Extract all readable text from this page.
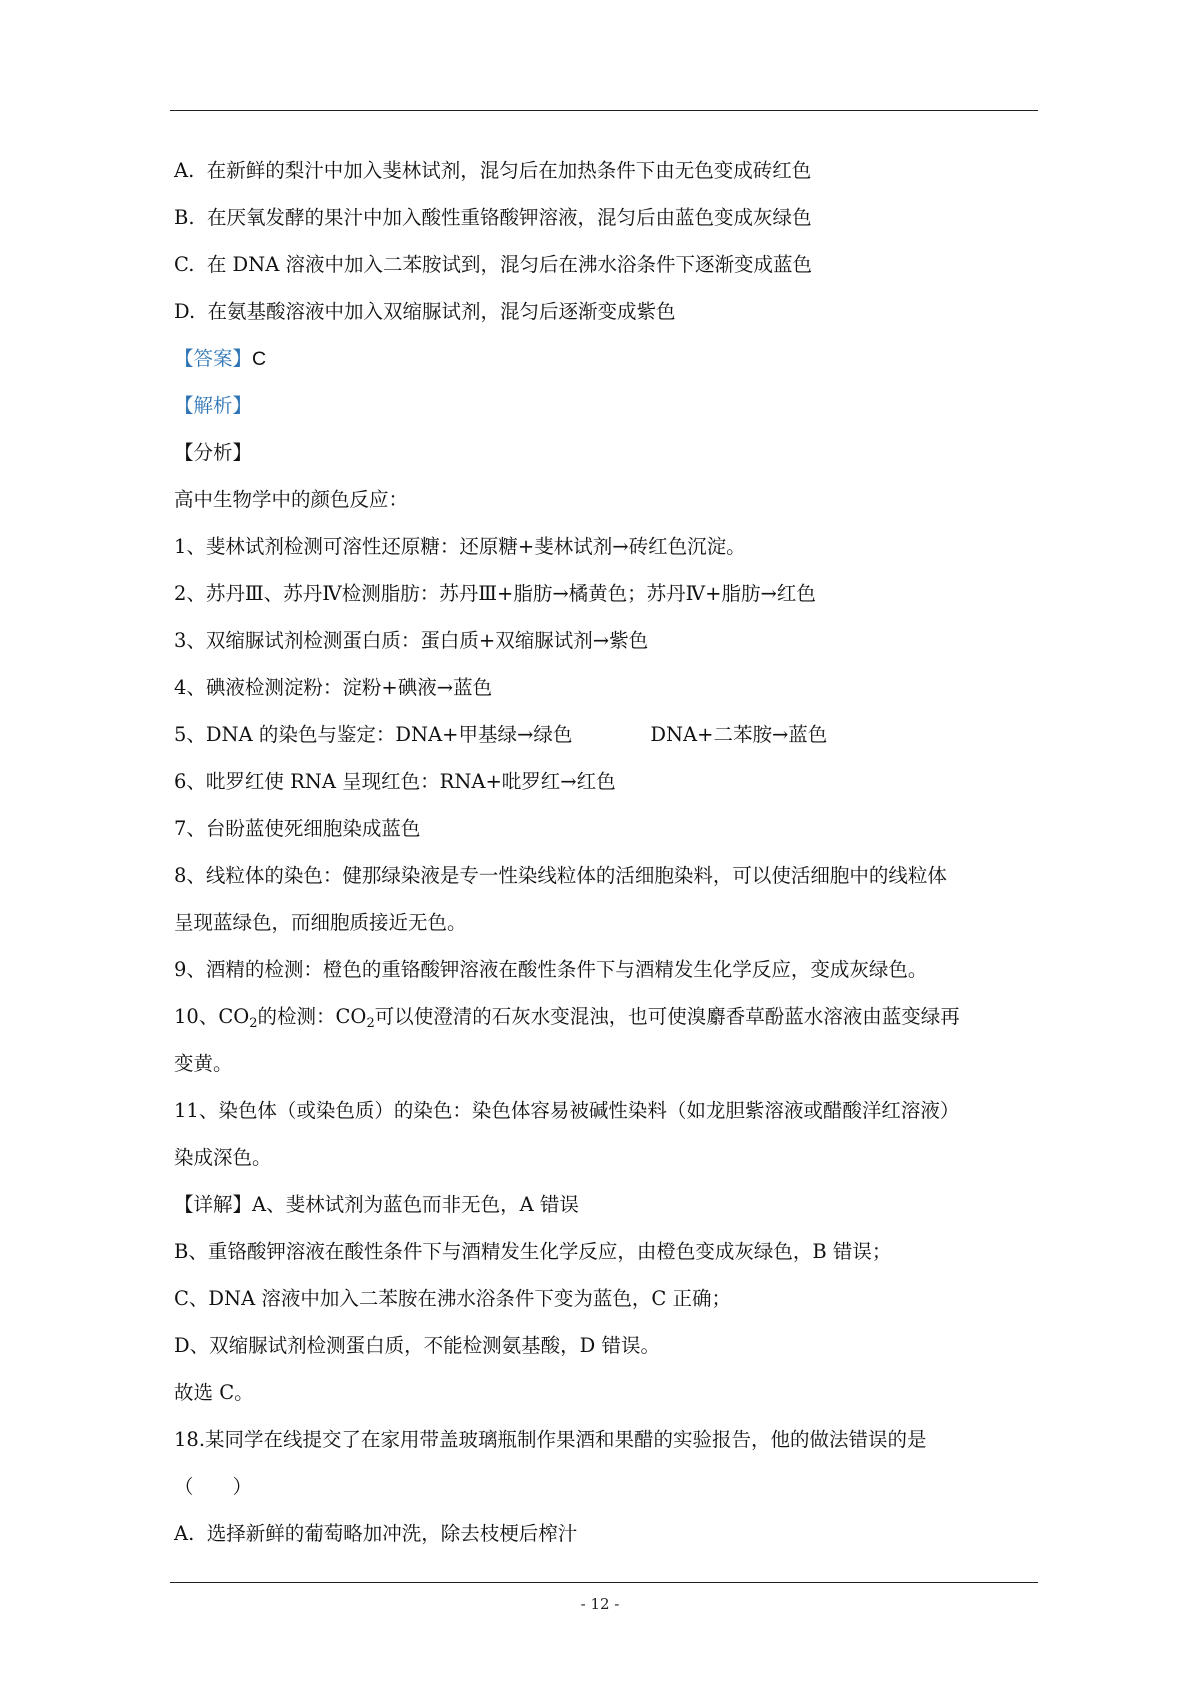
A. 在新鲜的梨汁中加入斐林试剂，混匀后在加热条件下由无色变成砖红色
B. 在厌氧发酵的果汁中加入酸性重铬酸钾溶液，混匀后由蓝色变成灰绿色
C. 在 DNA 溶液中加入二苯胺试到，混匀后在沸水浴条件下逐渐变成蓝色
D. 在氨基酸溶液中加入双缩脲试剂，混匀后逐渐变成紫色
【答案】C
【解析】
【分析】
高中生物学中的颜色反应：
1、斐林试剂检测可溶性还原糖：还原糖+斐林试剂→砖红色沉淀。
2、苏丹Ⅲ、苏丹Ⅳ检测脂肪：苏丹Ⅲ+脂肪→橘黄色；苏丹Ⅳ+脂肪→红色
3、双缩脲试剂检测蛋白质：蛋白质+双缩脲试剂→紫色
4、碘液检测淀粉：淀粉+碘液→蓝色
5、DNA 的染色与鉴定：DNA+甲基绿→绿色	DNA+二苯胺→蓝色
6、吡罗红使 RNA 呈现红色：RNA+吡罗红→红色
7、台盼蓝使死细胞染成蓝色
8、线粒体的染色：健那绿染液是专一性染线粒体的活细胞染料，可以使活细胞中的线粒体
呈现蓝绿色，而细胞质接近无色。
9、酒精的检测：橙色的重铬酸钾溶液在酸性条件下与酒精发生化学反应，变成灰绿色。
10、$CO_2$的检测：$CO_2$可以使澄清的石灰水变混浊，也可使溴麝香草酚蓝水溶液由蓝变绿再
变黄。
11、染色体（或染色质）的染色：染色体容易被碱性染料（如龙胆紫溶液或醋酸洋红溶液）
染成深色。
【详解】A、斐林试剂为蓝色而非无色，A 错误
B、重铬酸钾溶液在酸性条件下与酒精发生化学反应，由橙色变成灰绿色，B 错误；
C、DNA 溶液中加入二苯胺在沸水浴条件下变为蓝色，C 正确；
D、双缩脲试剂检测蛋白质，不能检测氨基酸，D 错误。
故选 C。
18.某同学在线提交了在家用带盖玻璃瓶制作果酒和果醋的实验报告，他的做法错误的是
（　　）
A. 选择新鲜的葡萄略加冲洗，除去枝梗后榨汁
- 12 -
